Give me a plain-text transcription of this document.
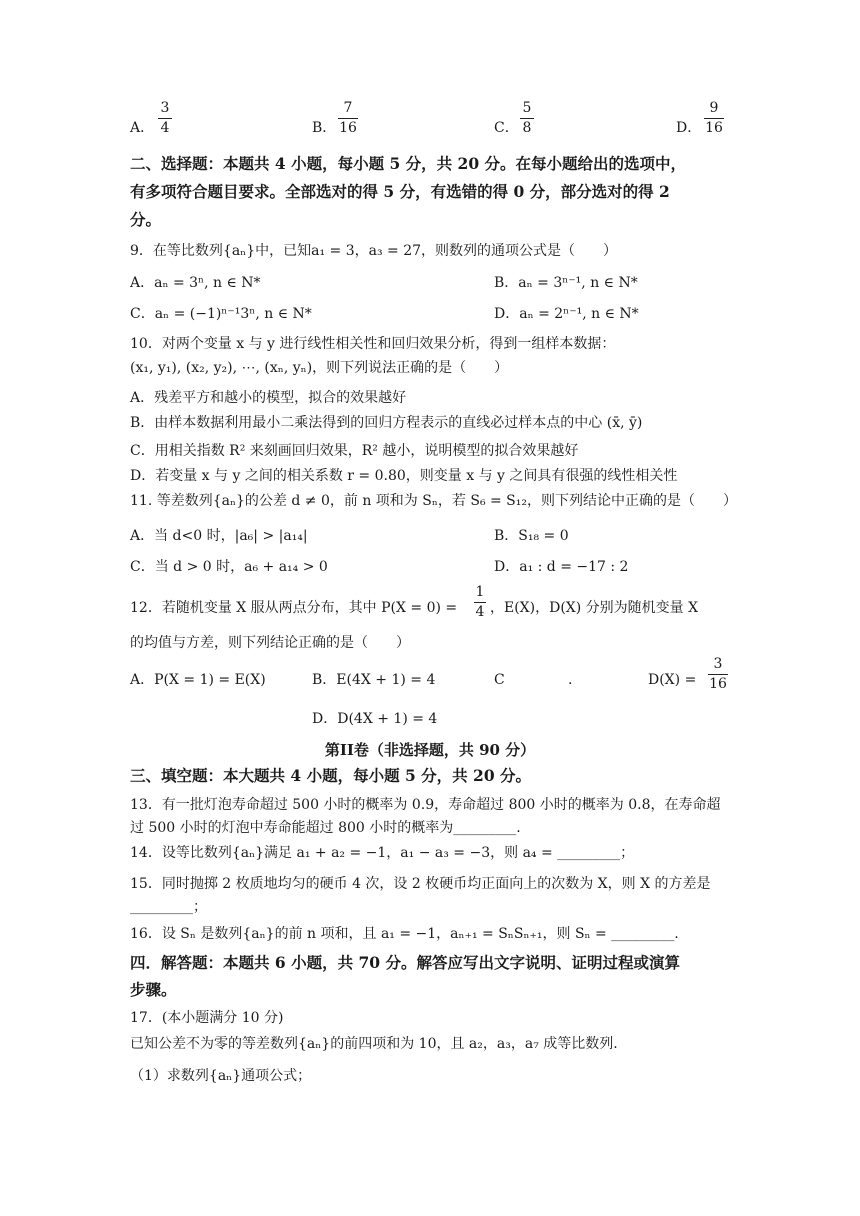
A．
3
4	B．
7
16	C．
5
8	D．
9
16
二、选择题：本题共 4 小题，每小题 5 分，共 20 分。在每小题给出的选项中，
有多项符合题目要求。全部选对的得 5 分，有选错的得 0 分，部分选对的得 2
分。
9．在等比数列{aₙ}中，已知a₁ = 3，a₃ = 27，则数列的通项公式是（　　）
A．aₙ = 3ⁿ, n ∈ N*	B．aₙ = 3ⁿ⁻¹, n ∈ N*
C．aₙ = (−1)ⁿ⁻¹3ⁿ, n ∈ N*	D．aₙ = 2ⁿ⁻¹, n ∈ N*
10．对两个变量 x 与 y 进行线性相关性和回归效果分析，得到一组样本数据：
(x₁, y₁), (x₂, y₂), ⋯, (xₙ, yₙ)，则下列说法正确的是（　　）
A．残差平方和越小的模型，拟合的效果越好
B．由样本数据利用最小二乘法得到的回归方程表示的直线必过样本点的中心 (x̄, ȳ)
C．用相关指数 R² 来刻画回归效果，R² 越小，说明模型的拟合效果越好
D．若变量 x 与 y 之间的相关系数 r = 0.80，则变量 x 与 y 之间具有很强的线性相关性
11. 等差数列{aₙ}的公差 d ≠ 0，前 n 项和为 Sₙ，若 S₆ = S₁₂，则下列结论中正确的是（　　）
A．当 d<0 时，|a₆| > |a₁₄|	B．S₁₈ = 0
C．当 d > 0 时，a₆ + a₁₄ > 0	D．a₁ : d = −17 : 2
12．若随机变量 X 服从两点分布，其中 P(X = 0) =
1
4 ，E(X)，D(X) 分别为随机变量 X
的均值与方差，则下列结论正确的是（　　）
A．P(X = 1) = E(X)	B．E(4X + 1) = 4	C	.	D(X) =
3
16
D．D(4X + 1) = 4
第II卷（非选择题，共 90 分）
三、填空题：本大题共 4 小题，每小题 5 分，共 20 分。
13．有一批灯泡寿命超过 500 小时的概率为 0.9，寿命超过 800 小时的概率为 0.8，在寿命超
过 500 小时的灯泡中寿命能超过 800 小时的概率为_________.
14．设等比数列{aₙ}满足 a₁ + a₂ = −1，a₁ − a₃ = −3，则 a₄ = _________；
15．同时抛掷 2 枚质地均匀的硬币 4 次，设 2 枚硬币均正面向上的次数为 X，则 X 的方差是
_________；
16．设 Sₙ 是数列{aₙ}的前 n 项和，且 a₁ = −1，aₙ₊₁ = SₙSₙ₊₁，则 Sₙ = _________.
四．解答题：本题共 6 小题，共 70 分。解答应写出文字说明、证明过程或演算
步骤。
17．(本小题满分 10 分)
已知公差不为零的等差数列{aₙ}的前四项和为 10，且 a₂，a₃，a₇ 成等比数列.
（1）求数列{aₙ}通项公式；
